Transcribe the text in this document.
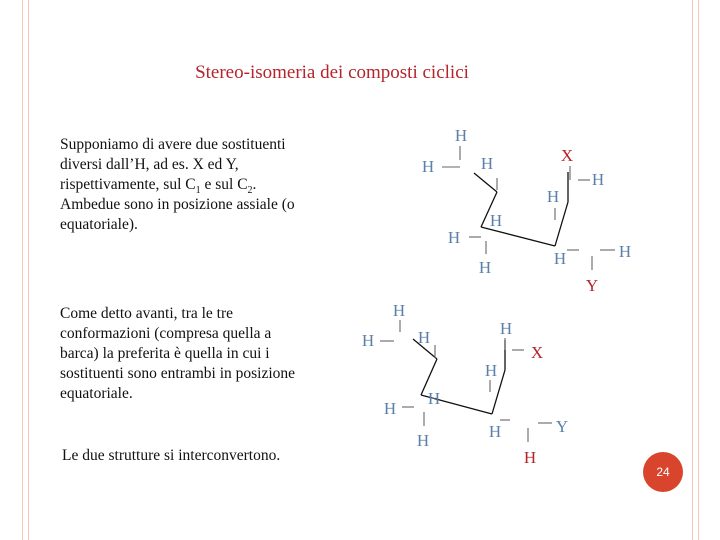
Stereo-isomeria dei composti ciclici

Supponiamo di avere due sostituenti
diversi dall’H, ad es. X ed Y,
rispettivamente, sul $C_1$ e sul $C_2$.
Ambedue sono in posizione assiale (o
equatoriale).

Come detto avanti, tra le tre
conformazioni (compresa quella a
barca) la preferita è quella in cui i
sostituenti sono entrambi in posizione
equatoriale.

Le due strutture si interconvertono.

H
H	H	X
H
H
H
H
H	H	H
Y
H
H	H	H
X
H
H
H
H	H	Y
H
24
